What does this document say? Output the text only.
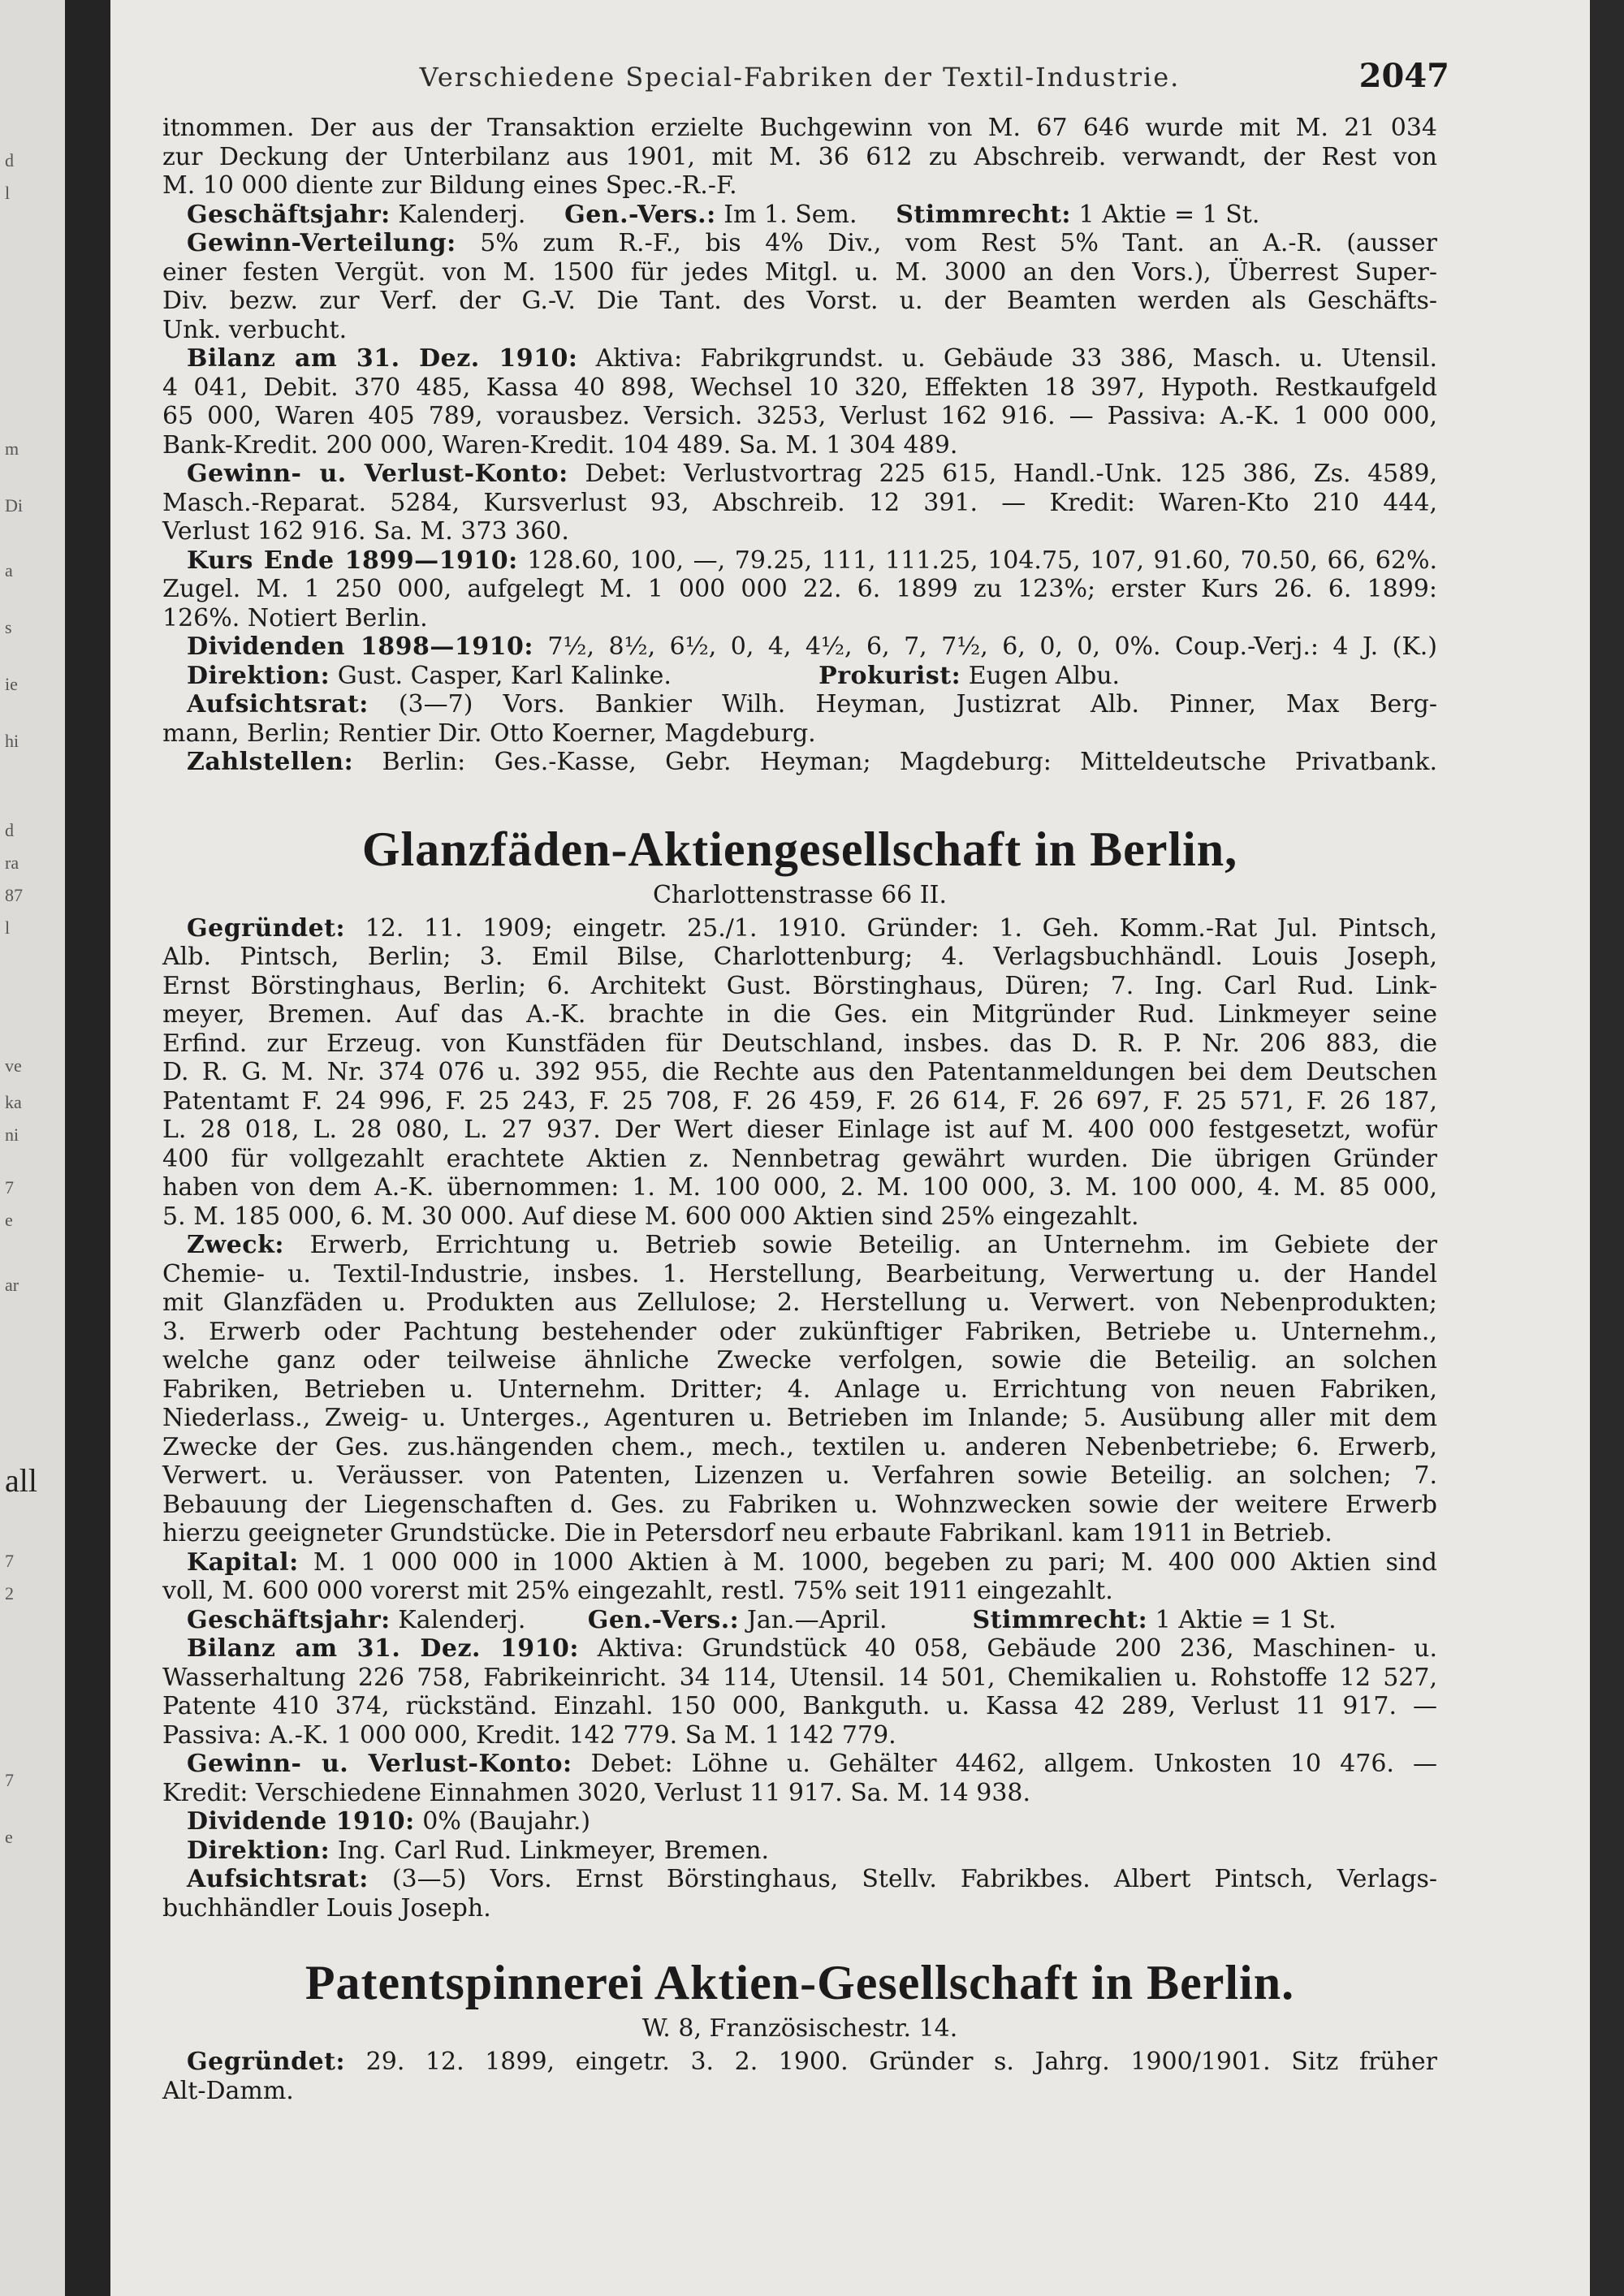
d
l
m
Di
a
s
ie
hi
d
ra
87
l
ve
ka
ni
7
e
ar
all
7
2
7
e
Verschiedene Special-Fabriken der Textil-Industrie.	2047

itnommen. Der aus der Transaktion erzielte Buchgewinn von M. 67 646 wurde mit M. 21 034

zur Deckung der Unterbilanz aus 1901, mit M. 36 612 zu Abschreib. verwandt, der Rest von

M. 10 000 diente zur Bildung eines Spec.-R.-F.

Geschäftsjahr: Kalenderj. Gen.-Vers.: Im 1. Sem. Stimmrecht: 1 Aktie = 1 St.

Gewinn-Verteilung: 5% zum R.-F., bis 4% Div., vom Rest 5% Tant. an A.-R. (ausser

einer festen Vergüt. von M. 1500 für jedes Mitgl. u. M. 3000 an den Vors.), Überrest Super-

Div. bezw. zur Verf. der G.-V. Die Tant. des Vorst. u. der Beamten werden als Geschäfts-

Unk. verbucht.

Bilanz am 31. Dez. 1910: Aktiva: Fabrikgrundst. u. Gebäude 33 386, Masch. u. Utensil.

4 041, Debit. 370 485, Kassa 40 898, Wechsel 10 320, Effekten 18 397, Hypoth. Restkaufgeld

65 000, Waren 405 789, vorausbez. Versich. 3253, Verlust 162 916. — Passiva: A.-K. 1 000 000,

Bank-Kredit. 200 000, Waren-Kredit. 104 489. Sa. M. 1 304 489.

Gewinn- u. Verlust-Konto: Debet: Verlustvortrag 225 615, Handl.-Unk. 125 386, Zs. 4589,

Masch.-Reparat. 5284, Kursverlust 93, Abschreib. 12 391. — Kredit: Waren-Kto 210 444,

Verlust 162 916. Sa. M. 373 360.

Kurs Ende 1899—1910: 128.60, 100, —, 79.25, 111, 111.25, 104.75, 107, 91.60, 70.50, 66, 62%.

Zugel. M. 1 250 000, aufgelegt M. 1 000 000 22. 6. 1899 zu 123%; erster Kurs 26. 6. 1899:

126%. Notiert Berlin.

Dividenden 1898—1910: 7½, 8½, 6½, 0, 4, 4½, 6, 7, 7½, 6, 0, 0, 0%. Coup.-Verj.: 4 J. (K.)

Direktion: Gust. Casper, Karl Kalinke.	Prokurist: Eugen Albu.

Aufsichtsrat: (3—7) Vors. Bankier Wilh. Heyman, Justizrat Alb. Pinner, Max Berg-

mann, Berlin; Rentier Dir. Otto Koerner, Magdeburg.

Zahlstellen: Berlin: Ges.-Kasse, Gebr. Heyman; Magdeburg: Mitteldeutsche Privatbank.

Glanzfäden-Aktiengesellschaft in Berlin,
Charlottenstrasse 66 II.

Gegründet: 12. 11. 1909; eingetr. 25./1. 1910. Gründer: 1. Geh. Komm.-Rat Jul. Pintsch,

Alb. Pintsch, Berlin; 3. Emil Bilse, Charlottenburg; 4. Verlagsbuchhändl. Louis Joseph,

Ernst Börstinghaus, Berlin; 6. Architekt Gust. Börstinghaus, Düren; 7. Ing. Carl Rud. Link-

meyer, Bremen. Auf das A.-K. brachte in die Ges. ein Mitgründer Rud. Linkmeyer seine

Erfind. zur Erzeug. von Kunstfäden für Deutschland, insbes. das D. R. P. Nr. 206 883, die

D. R. G. M. Nr. 374 076 u. 392 955, die Rechte aus den Patentanmeldungen bei dem Deutschen

Patentamt F. 24 996, F. 25 243, F. 25 708, F. 26 459, F. 26 614, F. 26 697, F. 25 571, F. 26 187,

L. 28 018, L. 28 080, L. 27 937. Der Wert dieser Einlage ist auf M. 400 000 festgesetzt, wofür

400 für vollgezahlt erachtete Aktien z. Nennbetrag gewährt wurden. Die übrigen Gründer

haben von dem A.-K. übernommen: 1. M. 100 000, 2. M. 100 000, 3. M. 100 000, 4. M. 85 000,

5. M. 185 000, 6. M. 30 000. Auf diese M. 600 000 Aktien sind 25% eingezahlt.

Zweck: Erwerb, Errichtung u. Betrieb sowie Beteilig. an Unternehm. im Gebiete der

Chemie- u. Textil-Industrie, insbes. 1. Herstellung, Bearbeitung, Verwertung u. der Handel

mit Glanzfäden u. Produkten aus Zellulose; 2. Herstellung u. Verwert. von Nebenprodukten;

3. Erwerb oder Pachtung bestehender oder zukünftiger Fabriken, Betriebe u. Unternehm.,

welche ganz oder teilweise ähnliche Zwecke verfolgen, sowie die Beteilig. an solchen

Fabriken, Betrieben u. Unternehm. Dritter; 4. Anlage u. Errichtung von neuen Fabriken,

Niederlass., Zweig- u. Unterges., Agenturen u. Betrieben im Inlande; 5. Ausübung aller mit dem

Zwecke der Ges. zus.hängenden chem., mech., textilen u. anderen Nebenbetriebe; 6. Erwerb,

Verwert. u. Veräusser. von Patenten, Lizenzen u. Verfahren sowie Beteilig. an solchen; 7.

Bebauung der Liegenschaften d. Ges. zu Fabriken u. Wohnzwecken sowie der weitere Erwerb

hierzu geeigneter Grundstücke. Die in Petersdorf neu erbaute Fabrikanl. kam 1911 in Betrieb.

Kapital: M. 1 000 000 in 1000 Aktien à M. 1000, begeben zu pari; M. 400 000 Aktien sind

voll, M. 600 000 vorerst mit 25% eingezahlt, restl. 75% seit 1911 eingezahlt.

Geschäftsjahr: Kalenderj.	Gen.-Vers.: Jan.—April.	Stimmrecht: 1 Aktie = 1 St.

Bilanz am 31. Dez. 1910: Aktiva: Grundstück 40 058, Gebäude 200 236, Maschinen- u.

Wasserhaltung 226 758, Fabrikeinricht. 34 114, Utensil. 14 501, Chemikalien u. Rohstoffe 12 527,

Patente 410 374, rückständ. Einzahl. 150 000, Bankguth. u. Kassa 42 289, Verlust 11 917. —

Passiva: A.-K. 1 000 000, Kredit. 142 779. Sa M. 1 142 779.

Gewinn- u. Verlust-Konto: Debet: Löhne u. Gehälter 4462, allgem. Unkosten 10 476. —

Kredit: Verschiedene Einnahmen 3020, Verlust 11 917. Sa. M. 14 938.

Dividende 1910: 0% (Baujahr.)

Direktion: Ing. Carl Rud. Linkmeyer, Bremen.

Aufsichtsrat: (3—5) Vors. Ernst Börstinghaus, Stellv. Fabrikbes. Albert Pintsch, Verlags-

buchhändler Louis Joseph.

Patentspinnerei Aktien-Gesellschaft in Berlin.
W. 8, Französischestr. 14.

Gegründet: 29. 12. 1899, eingetr. 3. 2. 1900. Gründer s. Jahrg. 1900/1901. Sitz früher

Alt-Damm.
